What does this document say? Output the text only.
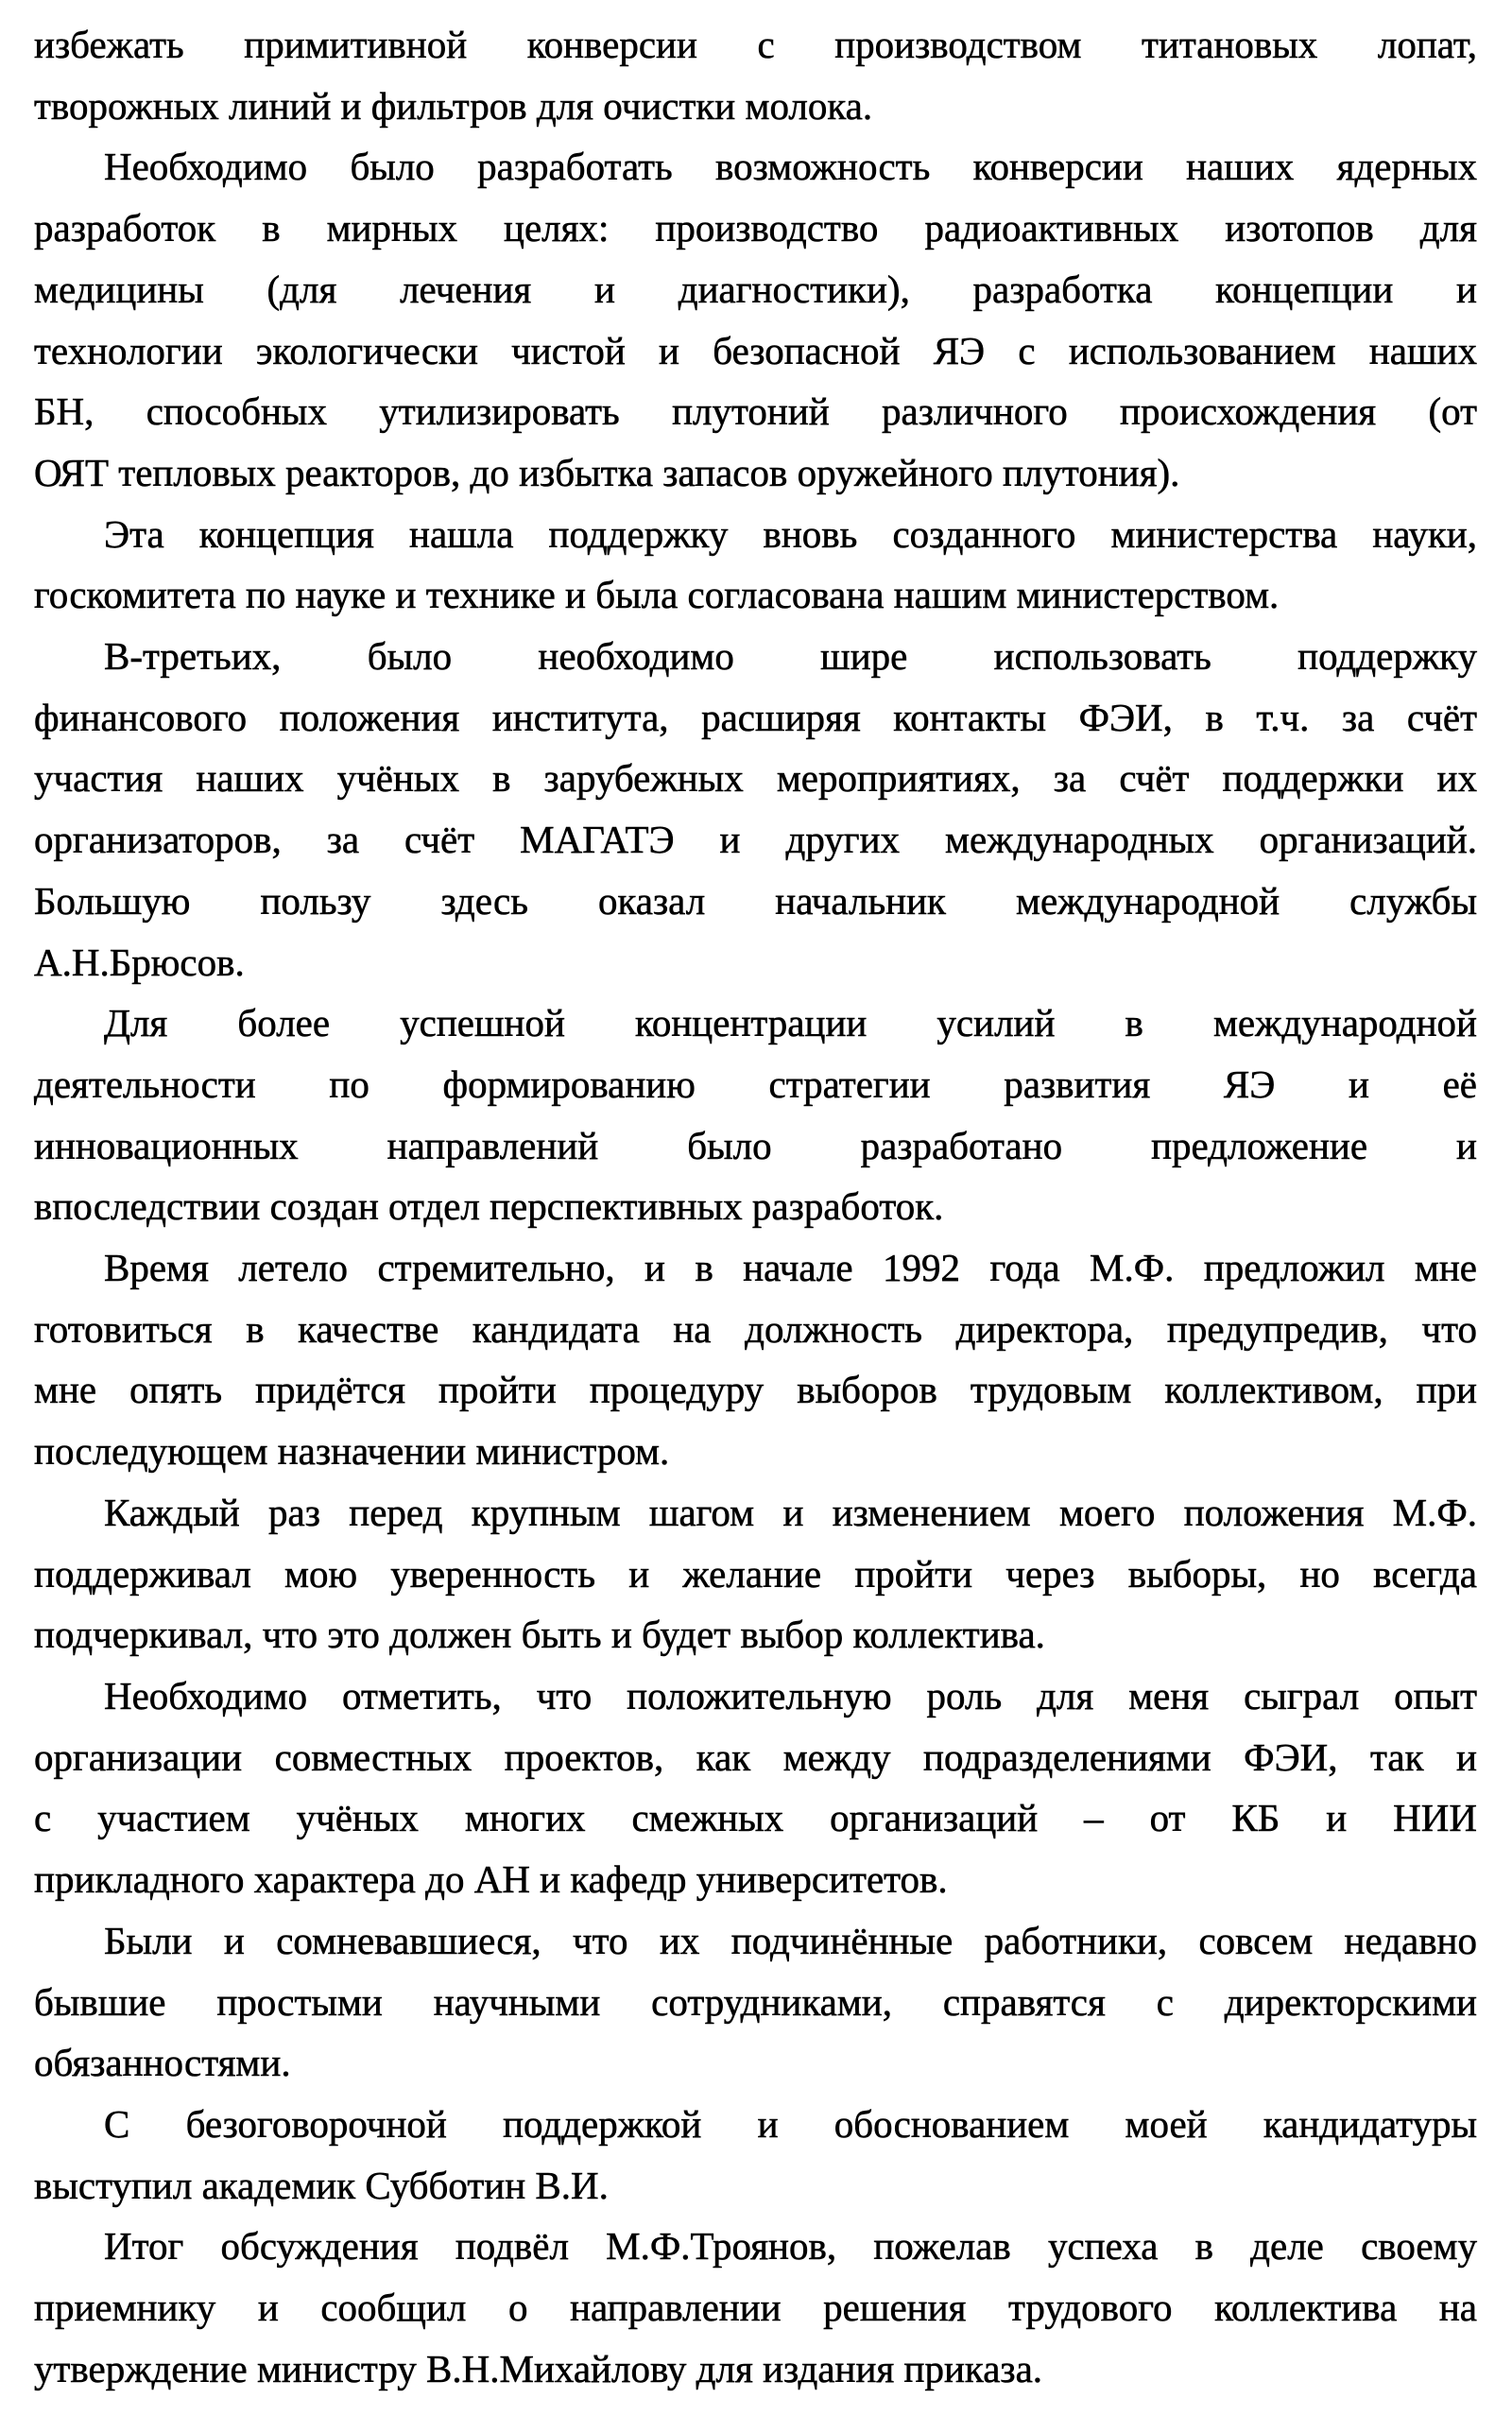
избежать примитивной конверсии с производством титановых лопат,
творожных линий и фильтров для очистки молока.
Необходимо было разработать возможность конверсии наших ядерных
разработок в мирных целях: производство радиоактивных изотопов для
медицины (для лечения и диагностики), разработка концепции и
технологии экологически чистой и безопасной ЯЭ с использованием наших
БН, способных утилизировать плутоний различного происхождения (от
ОЯТ тепловых реакторов, до избытка запасов оружейного плутония).
Эта концепция нашла поддержку вновь созданного министерства науки,
госкомитета по науке и технике и была согласована нашим министерством.
В-третьих, было необходимо шире использовать поддержку
финансового положения института, расширяя контакты ФЭИ, в т.ч. за счёт
участия наших учёных в зарубежных мероприятиях, за счёт поддержки их
организаторов, за счёт МАГАТЭ и других международных организаций.
Большую пользу здесь оказал начальник международной службы
А.Н.Брюсов.
Для более успешной концентрации усилий в международной
деятельности по формированию стратегии развития ЯЭ и её
инновационных направлений было разработано предложение и
впоследствии создан отдел перспективных разработок.
Время летело стремительно, и в начале 1992 года М.Ф. предложил мне
готовиться в качестве кандидата на должность директора, предупредив, что
мне опять придётся пройти процедуру выборов трудовым коллективом, при
последующем назначении министром.
Каждый раз перед крупным шагом и изменением моего положения М.Ф.
поддерживал мою уверенность и желание пройти через выборы, но всегда
подчеркивал, что это должен быть и будет выбор коллектива.
Необходимо отметить, что положительную роль для меня сыграл опыт
организации совместных проектов, как между подразделениями ФЭИ, так и
с участием учёных многих смежных организаций – от КБ и НИИ
прикладного характера до АН и кафедр университетов.
Были и сомневавшиеся, что их подчинённые работники, совсем недавно
бывшие простыми научными сотрудниками, справятся с директорскими
обязанностями.
С безоговорочной поддержкой и обоснованием моей кандидатуры
выступил академик Субботин В.И.
Итог обсуждения подвёл М.Ф.Троянов, пожелав успеха в деле своему
приемнику и сообщил о направлении решения трудового коллектива на
утверждение министру В.Н.Михайлову для издания приказа.
